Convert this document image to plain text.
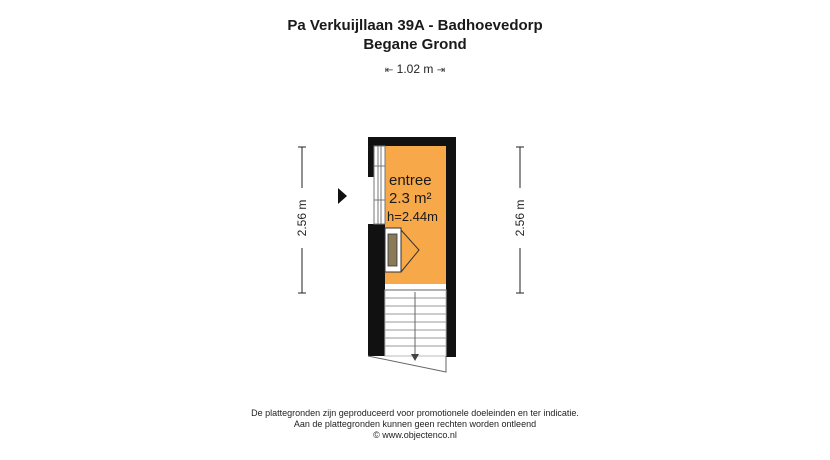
Pa Verkuijllaan 39A - Badhoevedorp
Begane Grond
⇤ 1.02 m ⇥
2.56 m	2.56 m
entree
2.3 m²
h=2.44m
De plattegronden zijn geproduceerd voor promotionele doeleinden en ter indicatie.
Aan de plattegronden kunnen geen rechten worden ontleend
© www.objectenco.nl
